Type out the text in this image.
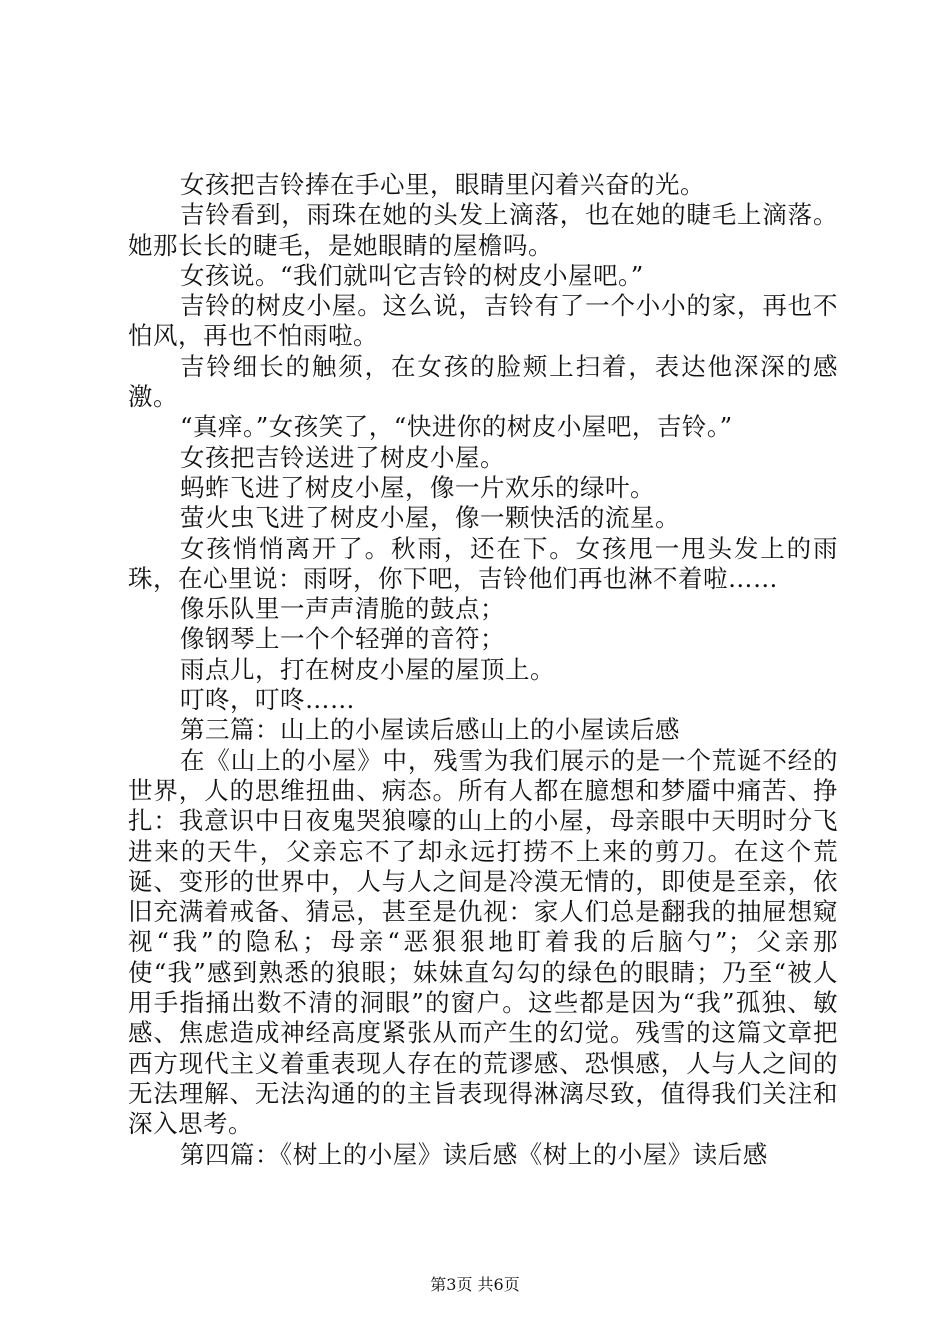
女孩把吉铃捧在手心里，眼睛里闪着兴奋的光。

吉铃看到，雨珠在她的头发上滴落，也在她的睫毛上滴落。她那长长的睫毛，是她眼睛的屋檐吗。

女孩说。“我们就叫它吉铃的树皮小屋吧。”

吉铃的树皮小屋。这么说，吉铃有了一个小小的家，再也不怕风，再也不怕雨啦。

吉铃细长的触须，在女孩的脸颊上扫着，表达他深深的感激。

“真痒。”女孩笑了，“快进你的树皮小屋吧，吉铃。”

女孩把吉铃送进了树皮小屋。

蚂蚱飞进了树皮小屋，像一片欢乐的绿叶。

萤火虫飞进了树皮小屋，像一颗快活的流星。

女孩悄悄离开了。秋雨，还在下。女孩甩一甩头发上的雨珠，在心里说：雨呀，你下吧，吉铃他们再也淋不着啦……

像乐队里一声声清脆的鼓点；

像钢琴上一个个轻弹的音符；

雨点儿，打在树皮小屋的屋顶上。

叮咚，叮咚……

第三篇：山上的小屋读后感山上的小屋读后感

在《山上的小屋》中，残雪为我们展示的是一个荒诞不经的世界，人的思维扭曲、病态。所有人都在臆想和梦靥中痛苦、挣扎：我意识中日夜鬼哭狼嚎的山上的小屋，母亲眼中天明时分飞进来的天牛，父亲忘不了却永远打捞不上来的剪刀。在这个荒诞、变形的世界中，人与人之间是冷漠无情的，即使是至亲，依旧充满着戒备、猜忌，甚至是仇视：家人们总是翻我的抽屉想窥视“我”的隐私；母亲“恶狠狠地盯着我的后脑勺”；父亲那使“我”感到熟悉的狼眼；妹妹直勾勾的绿色的眼睛；乃至“被人用手指捅出数不清的洞眼”的窗户。这些都是因为“我”孤独、敏感、焦虑造成神经高度紧张从而产生的幻觉。残雪的这篇文章把西方现代主义着重表现人存在的荒谬感、恐惧感，人与人之间的无法理解、无法沟通的的主旨表现得淋漓尽致，值得我们关注和深入思考。

第四篇：《树上的小屋》读后感《树上的小屋》读后感

第3页 共6页
